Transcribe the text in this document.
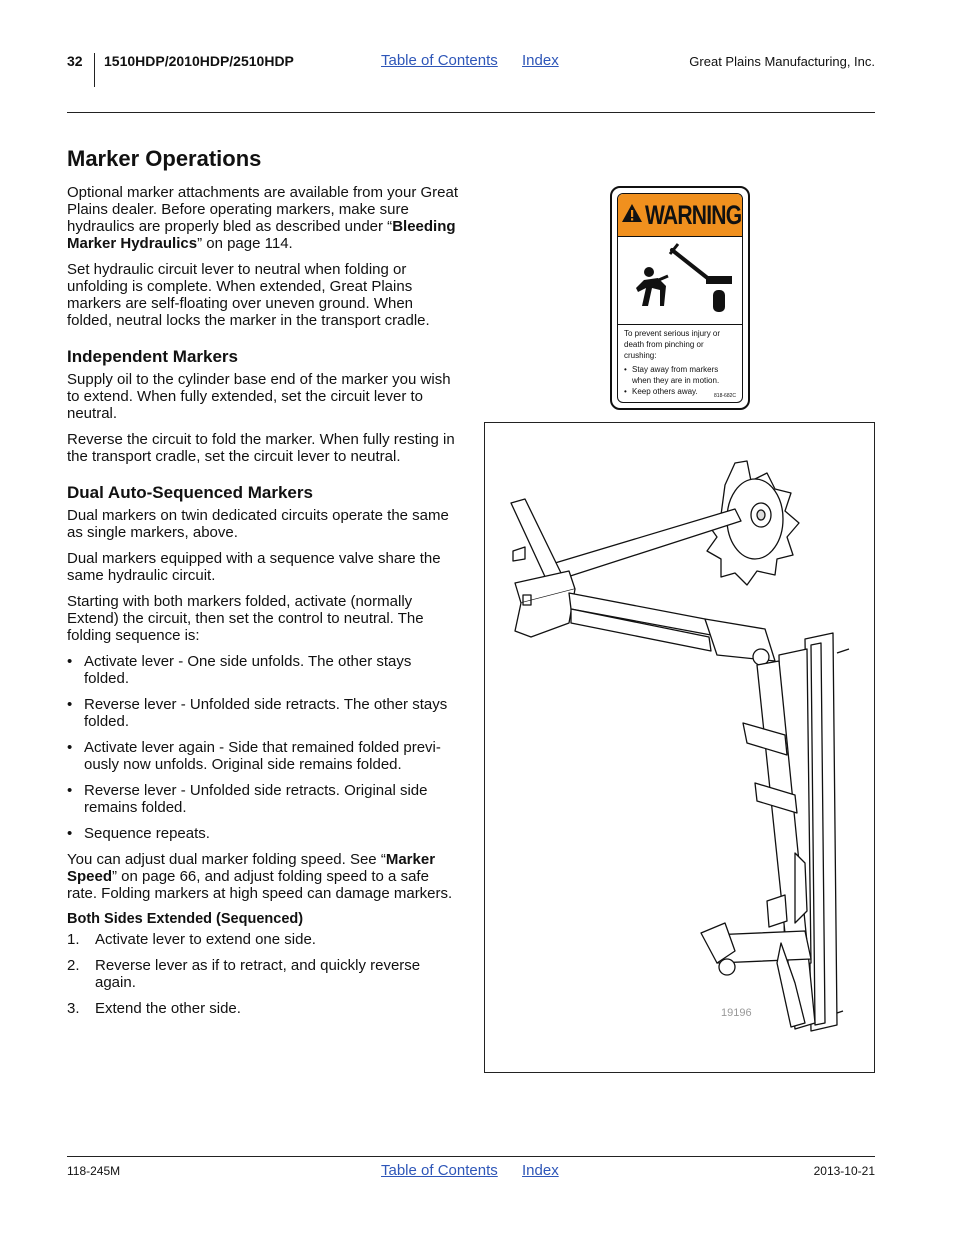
32 1510HDP/2010HDP/2510HDP	Table of Contents Index	Great Plains Manufacturing, Inc.
Marker Operations

Optional marker attachments are available from your Great Plains dealer. Before operating markers, make sure hydraulics are properly bled as described under “Bleeding Marker Hydraulics” on page 114.

Set hydraulic circuit lever to neutral when folding or unfolding is complete. When extended, Great Plains markers are self-floating over uneven ground. When folded, neutral locks the marker in the transport cradle.

Independent Markers

Supply oil to the cylinder base end of the marker you wish to extend. When fully extended, set the circuit lever to neutral.

Reverse the circuit to fold the marker. When fully resting in the transport cradle, set the circuit lever to neutral.

Dual Auto-Sequenced Markers

Dual markers on twin dedicated circuits operate the same as single markers, above.

Dual markers equipped with a sequence valve share the same hydraulic circuit.

Starting with both markers folded, activate (normally Extend) the circuit, then set the control to neutral. The folding sequence is:

• Activate lever - One side unfolds. The other stays folded.
• Reverse lever - Unfolded side retracts. The other stays folded.
• Activate lever again - Side that remained folded previ-ously now unfolds. Original side remains folded.
• Reverse lever - Unfolded side retracts. Original side remains folded.
• Sequence repeats.

You can adjust dual marker folding speed. See “Marker Speed” on page 66, and adjust folding speed to a safe rate. Folding markers at high speed can damage markers.

Both Sides Extended (Sequenced)
1. Activate lever to extend one side.
2. Reverse lever as if to retract, and quickly reverse again.
3. Extend the other side.
WARNING
To prevent serious injury or death from pinching or crushing:
• Stay away from markers when they are in motion.
• Keep others away.	818-682C
19196
118-245M	Table of Contents Index	2013-10-21
